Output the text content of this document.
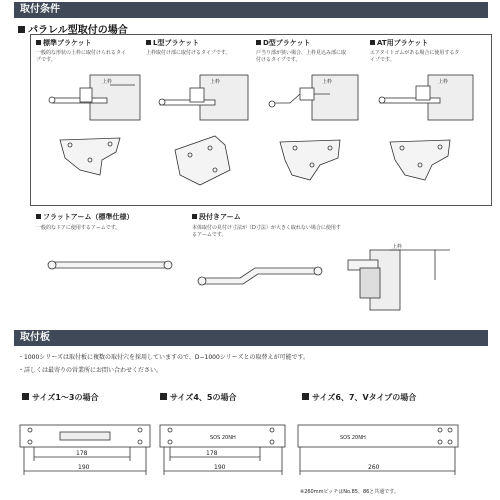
取付条件
パラレル型取付の場合
標準ブラケット
一般的な形状の上枠に取付けられるタイプです。
L型ブラケット
上枠取付け部に取付けるタイプです。
D型ブラケット
戸当り部が狭い場合、上枠見込み部に取付けるタイプです。
AT用ブラケット
エアタイトゴムがある場合に使用するタイプです。
上枠	上枠	上枠	上枠
フラットアーム（標準仕様）
一般的なドアに使用するアームです。
段付きアーム
本体取付の見付け寸法が（D寸法）が大きく取れない場合に使用するアームです。
上枠
取付板
・1000シリーズは取付板に複数の取付穴を採用していますので、D−1000シリーズとの取替えが可能です。
・詳しくは最寄りの営業所にお問い合わせください。
サイズ1〜3の場合	サイズ4、5の場合	サイズ6、7、Vタイプの場合
SOS 20NH	SOS 20NH
178
190
178
190	260
※260mmピッチはNo.85、86と共通です。
